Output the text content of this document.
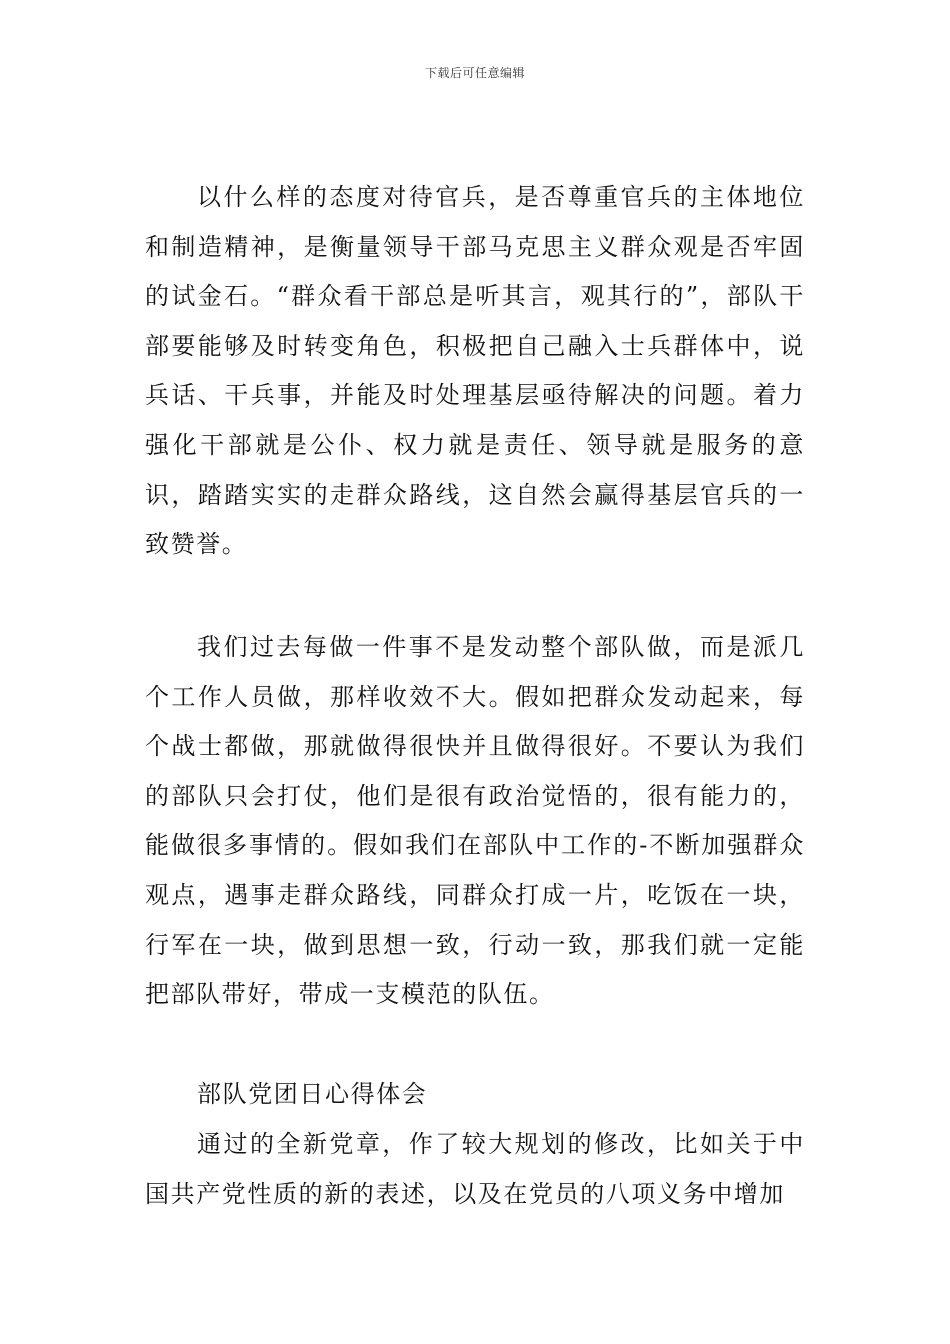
下载后可任意编辑

以什么样的态度对待官兵，是否尊重官兵的主体地位和制造精神，是衡量领导干部马克思主义群众观是否牢固的试金石。“群众看干部总是听其言，观其行的”，部队干部要能够及时转变角色，积极把自己融入士兵群体中，说兵话、干兵事，并能及时处理基层亟待解决的问题。着力强化干部就是公仆、权力就是责任、领导就是服务的意识，踏踏实实的走群众路线，这自然会赢得基层官兵的一致赞誉。

我们过去每做一件事不是发动整个部队做，而是派几个工作人员做，那样收效不大。假如把群众发动起来，每个战士都做，那就做得很快并且做得很好。不要认为我们的部队只会打仗，他们是很有政治觉悟的，很有能力的，能做很多事情的。假如我们在部队中工作的-不断加强群众观点，遇事走群众路线，同群众打成一片，吃饭在一块，行军在一块，做到思想一致，行动一致，那我们就一定能把部队带好，带成一支模范的队伍。

部队党团日心得体会

通过的全新党章，作了较大规划的修改，比如关于中国共产党性质的新的表述，以及在党员的八项义务中增加
